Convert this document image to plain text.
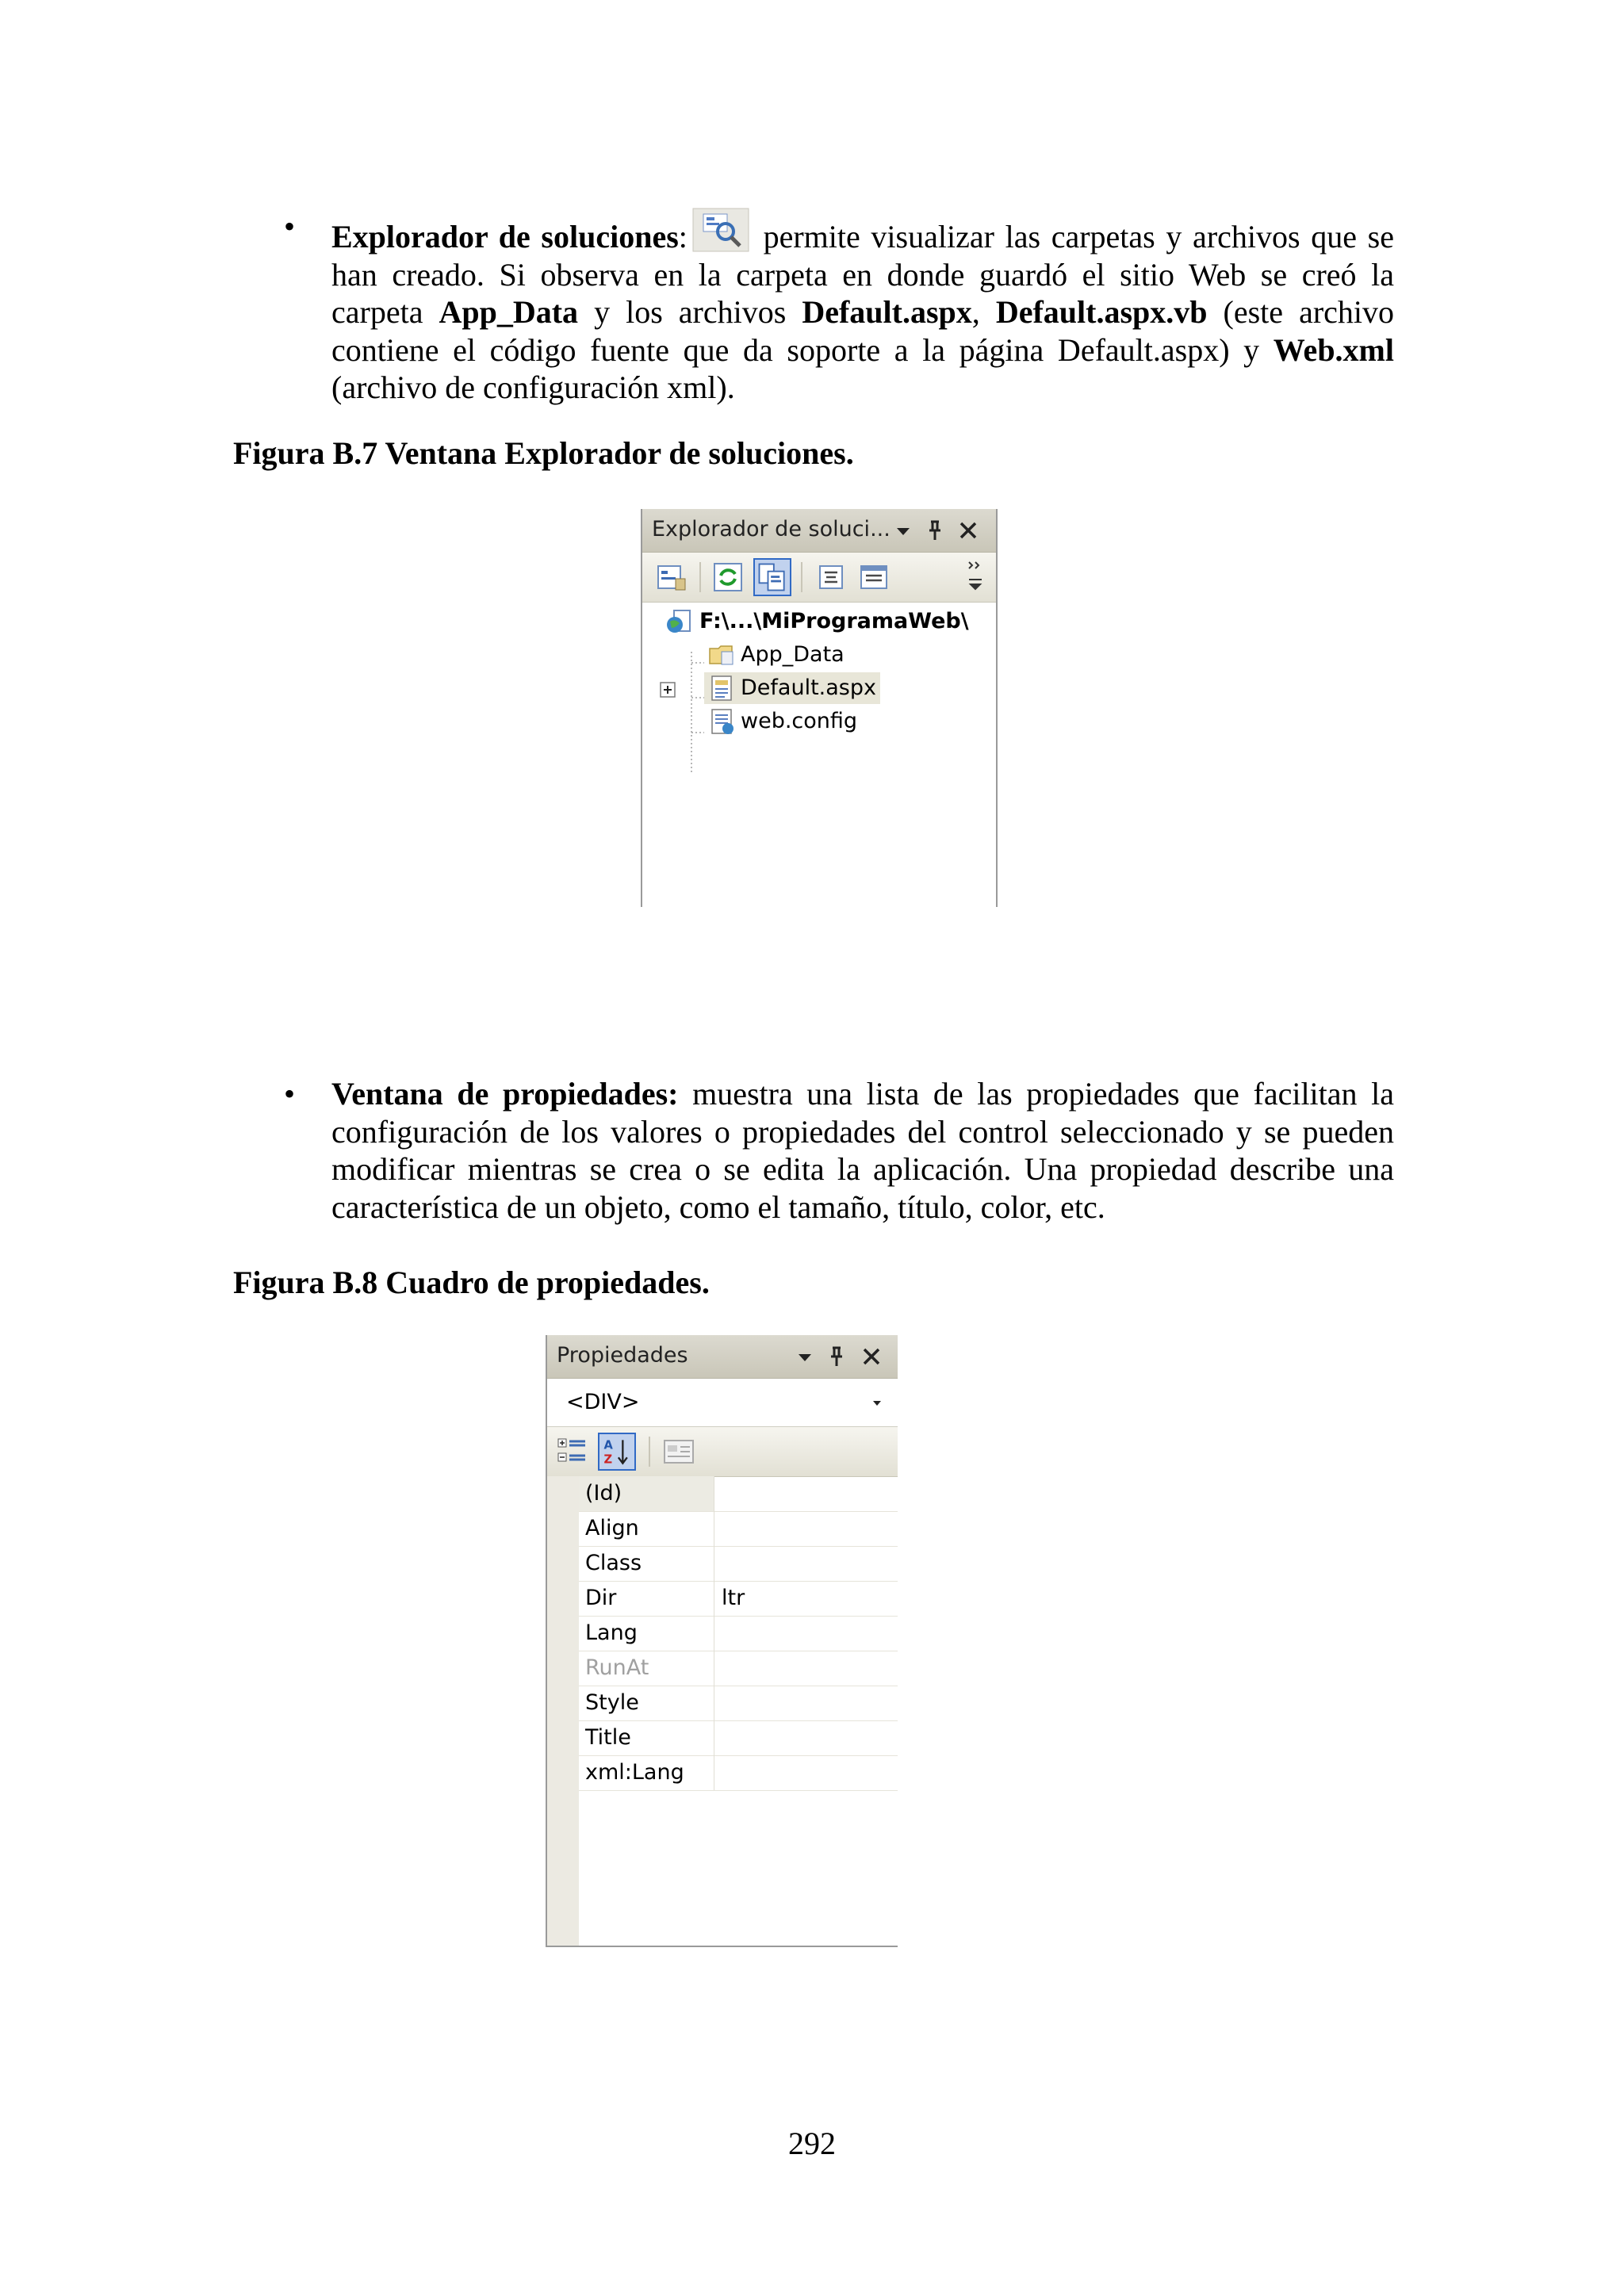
• Explorador de soluciones: permite visualizar las carpetas y archivos que se
han creado. Si observa en la carpeta en donde guardó el sitio Web se creó la
carpeta App_Data y los archivos Default.aspx, Default.aspx.vb (este archivo
contiene el código fuente que da soporte a la página Default.aspx) y Web.xml
(archivo de configuración xml).
Figura B.7 Ventana Explorador de soluciones.
Explorador de soluci...
F:\...\MiProgramaWeb\
App_Data
Default.aspx
web.config
• Ventana de propiedades: muestra una lista de las propiedades que facilitan la
configuración de los valores o propiedades del control seleccionado y se pueden
modificar mientras se crea o se edita la aplicación. Una propiedad describe una
característica de un objeto, como el tamaño, título, color, etc.
Figura B.8 Cuadro de propiedades.
Propiedades
<DIV>
A
Z
(Id)
Align
Class
Dir	ltr
Lang
RunAt
Style
Title
xml:Lang
292
